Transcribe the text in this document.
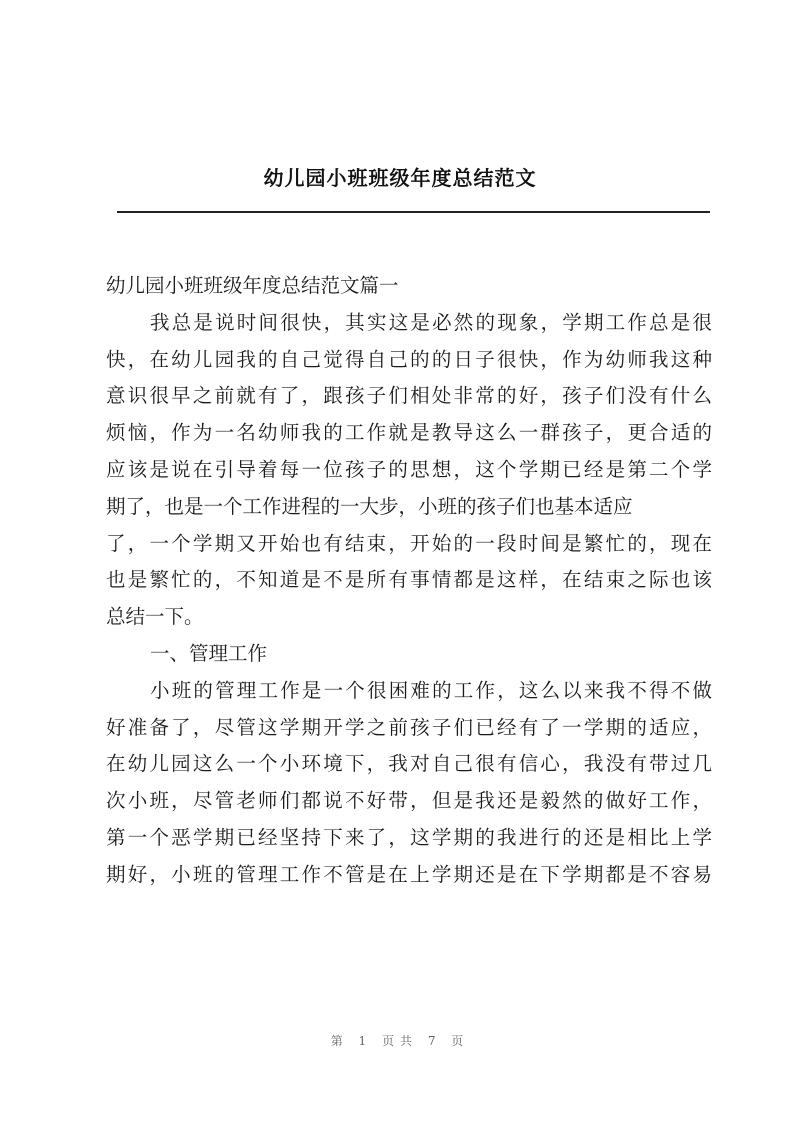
幼儿园小班班级年度总结范文
幼儿园小班班级年度总结范文篇一
我总是说时间很快，其实这是必然的现象，学期工作总是很
快，在幼儿园我的自己觉得自己的的日子很快，作为幼师我这种
意识很早之前就有了，跟孩子们相处非常的好，孩子们没有什么
烦恼，作为一名幼师我的工作就是教导这么一群孩子，更合适的
应该是说在引导着每一位孩子的思想，这个学期已经是第二个学
期了，也是一个工作进程的一大步，小班的孩子们也基本适应
了，一个学期又开始也有结束，开始的一段时间是繁忙的，现在
也是繁忙的，不知道是不是所有事情都是这样，在结束之际也该
总结一下。
一、管理工作
小班的管理工作是一个很困难的工作，这么以来我不得不做
好准备了，尽管这学期开学之前孩子们已经有了一学期的适应，
在幼儿园这么一个小环境下，我对自己很有信心，我没有带过几
次小班，尽管老师们都说不好带，但是我还是毅然的做好工作，
第一个恶学期已经坚持下来了，这学期的我进行的还是相比上学
期好，小班的管理工作不管是在上学期还是在下学期都是不容易
第 1 页共 7 页
